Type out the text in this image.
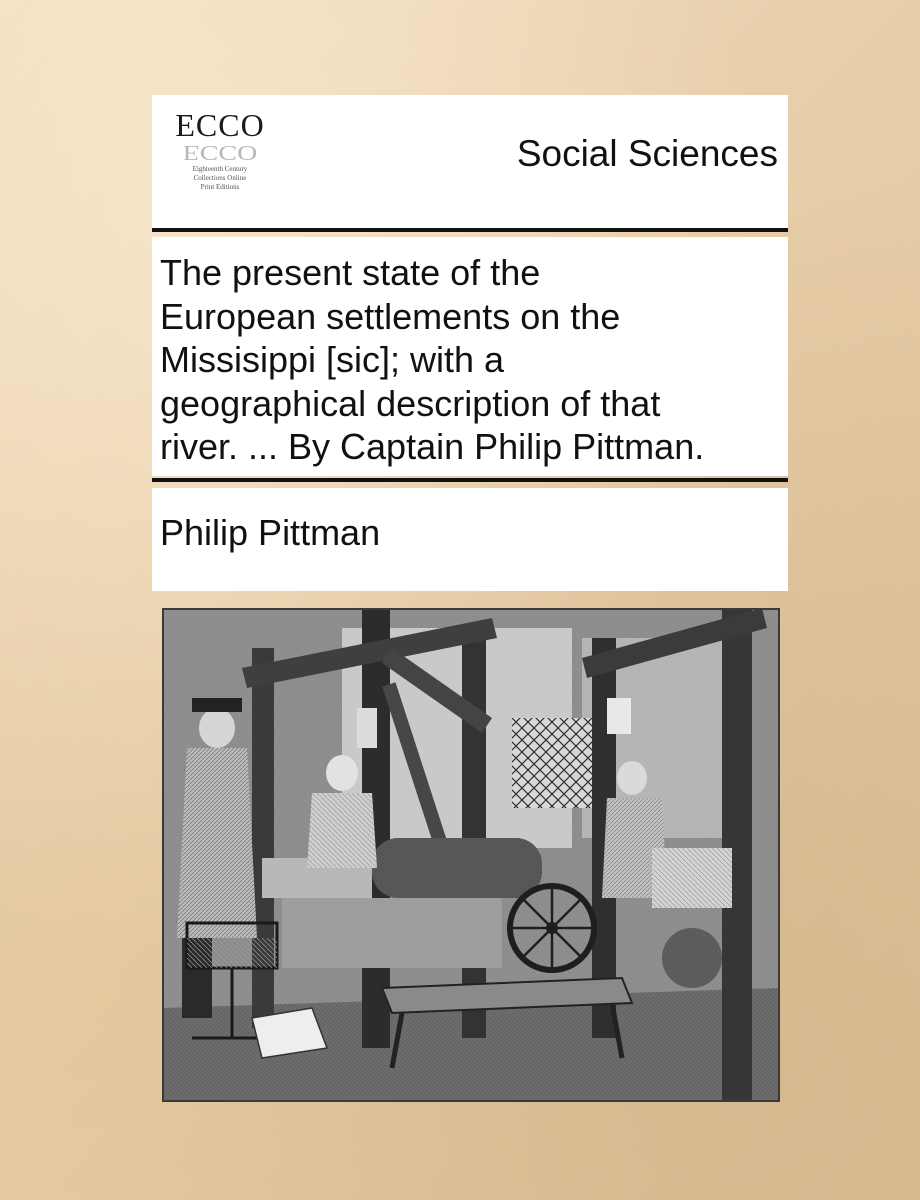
ECCO
ECCO
Eighteenth Century
Collections Online
Print Editions
Social Sciences
The present state of the
European settlements on the
Missisippi [sic]; with a
geographical description of that
river. ... By Captain Philip Pittman.
Philip Pittman
